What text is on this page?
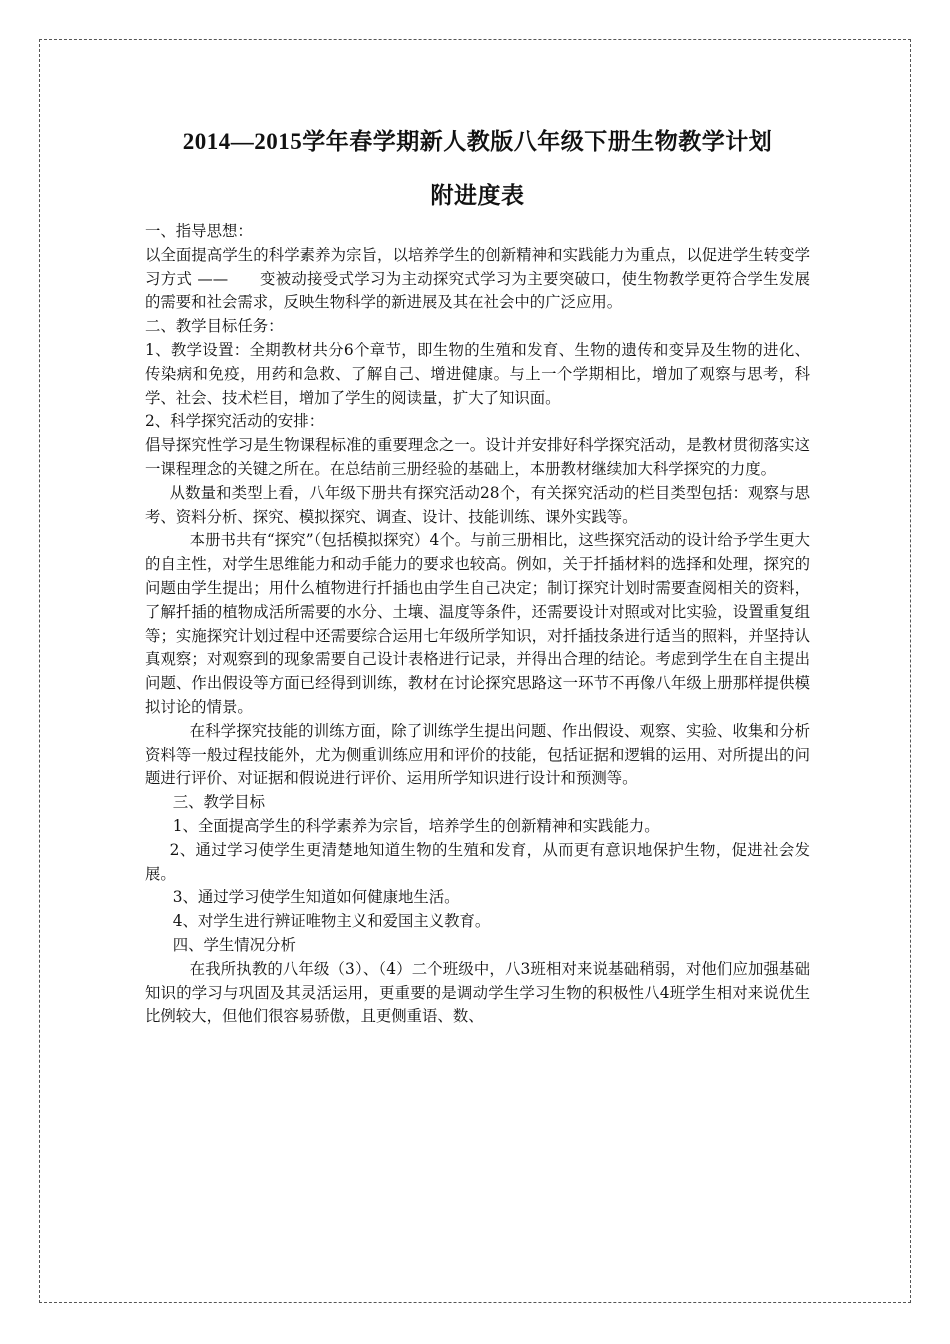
2014—2015学年春学期新人教版八年级下册生物教学计划
附进度表

一、指导思想：

以全面提高学生的科学素养为宗旨，以培养学生的创新精神和实践能力为重点，以促进学生转变学习方式 ——　　变被动接受式学习为主动探究式学习为主要突破口，使生物教学更符合学生发展的需要和社会需求，反映生物科学的新进展及其在社会中的广泛应用。

二、教学目标任务：

1、教学设置：全期教材共分6个章节，即生物的生殖和发育、生物的遗传和变异及生物的进化、传染病和免疫，用药和急救、了解自己、增进健康。与上一个学期相比，增加了观察与思考，科学、社会、技术栏目，增加了学生的阅读量，扩大了知识面。

2、科学探究活动的安排：

倡导探究性学习是生物课程标准的重要理念之一。设计并安排好科学探究活动，是教材贯彻落实这一课程理念的关键之所在。在总结前三册经验的基础上，本册教材继续加大科学探究的力度。

从数量和类型上看，八年级下册共有探究活动28个，有关探究活动的栏目类型包括：观察与思考、资料分析、探究、模拟探究、调查、设计、技能训练、课外实践等。

本册书共有“探究”（包括模拟探究）4个。与前三册相比，这些探究活动的设计给予学生更大的自主性，对学生思维能力和动手能力的要求也较高。例如，关于扦插材料的选择和处理，探究的问题由学生提出；用什么植物进行扦插也由学生自己决定；制订探究计划时需要查阅相关的资料，了解扦插的植物成活所需要的水分、土壤、温度等条件，还需要设计对照或对比实验，设置重复组等；实施探究计划过程中还需要综合运用七年级所学知识，对扦插技条进行适当的照料，并坚持认真观察；对观察到的现象需要自己设计表格进行记录，并得出合理的结论。考虑到学生在自主提出问题、作出假设等方面已经得到训练，教材在讨论探究思路这一环节不再像八年级上册那样提供模拟讨论的情景。

在科学探究技能的训练方面，除了训练学生提出问题、作出假设、观察、实验、收集和分析资料等一般过程技能外，尤为侧重训练应用和评价的技能，包括证据和逻辑的运用、对所提出的问题进行评价、对证据和假说进行评价、运用所学知识进行设计和预测等。

三、教学目标

1、全面提高学生的科学素养为宗旨，培养学生的创新精神和实践能力。

2、通过学习使学生更清楚地知道生物的生殖和发育，从而更有意识地保护生物，促进社会发展。

3、通过学习使学生知道如何健康地生活。

4、对学生进行辨证唯物主义和爱国主义教育。

四、学生情况分析

在我所执教的八年级（3）、（4）二个班级中，八3班相对来说基础稍弱，对他们应加强基础知识的学习与巩固及其灵活运用，更重要的是调动学生学习生物的积极性八4班学生相对来说优生比例较大，但他们很容易骄傲，且更侧重语、数、
